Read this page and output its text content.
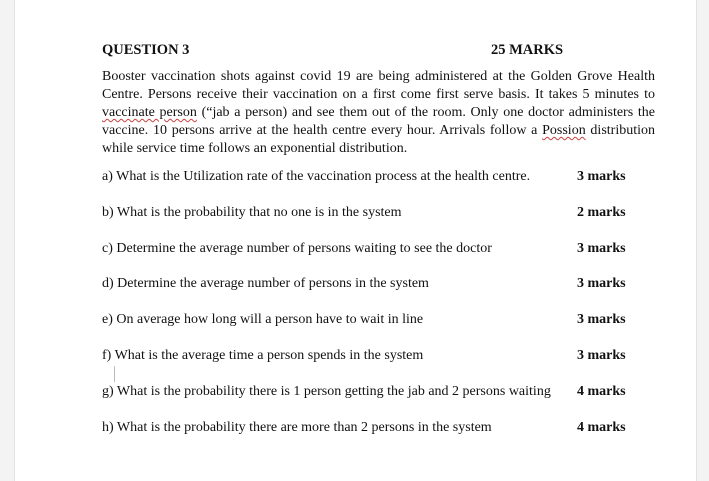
QUESTION 3	25 MARKS

Booster vaccination shots against covid 19 are being administered at the Golden Grove Health Centre. Persons receive their vaccination on a first come first serve basis. It takes 5 minutes to vaccinate person (“jab a person) and see them out of the room. Only one doctor administers the vaccine. 10 persons arrive at the health centre every hour. Arrivals follow a Possion distribution while service time follows an exponential distribution.

a) What is the Utilization rate of the vaccination process at the health centre.	3 marks
b) What is the probability that no one is in the system	2 marks
c) Determine the average number of persons waiting to see the doctor	3 marks
d) Determine the average number of persons in the system	3 marks
e) On average how long will a person have to wait in line	3 marks
f) What is the average time a person spends in the system	3 marks
g) What is the probability there is 1 person getting the jab and 2 persons waiting 4 marks
h) What is the probability there are more than 2 persons in the system	4 marks
